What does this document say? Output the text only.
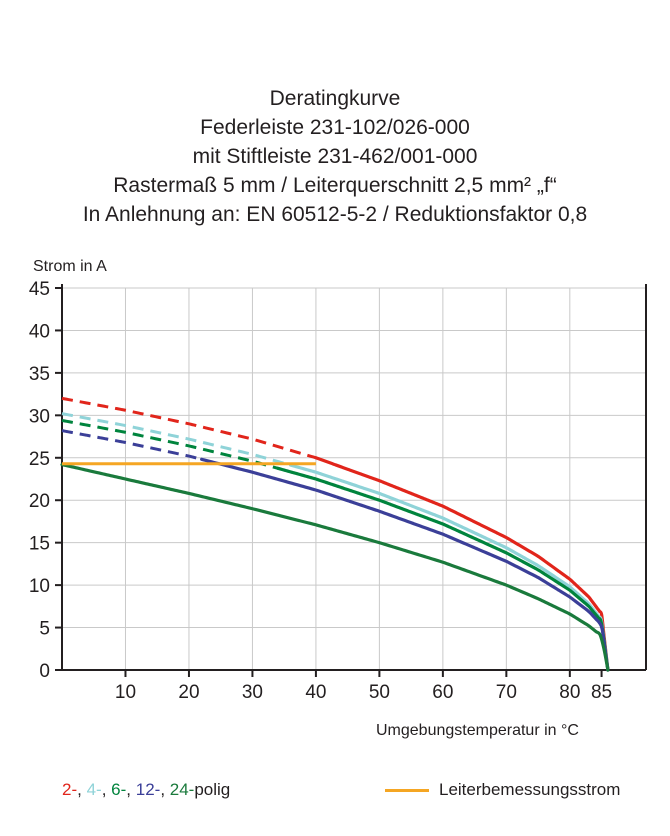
Deratingkurve
Federleiste 231-102/026-000
mit Stiftleiste 231-462/001-000
Rastermaß 5 mm / Leiterquerschnitt 2,5 mm² „f“
In Anlehnung an: EN 60512-5-2 / Reduktionsfaktor 0,8
Strom in A
Umgebungstemperatur in °C
0
5
10
15
20
25
30
35
40
45
10 20 30 40 50 60 70 80 85
2-, 4-, 6-, 12-, 24-polig	Leiterbemessungsstrom
